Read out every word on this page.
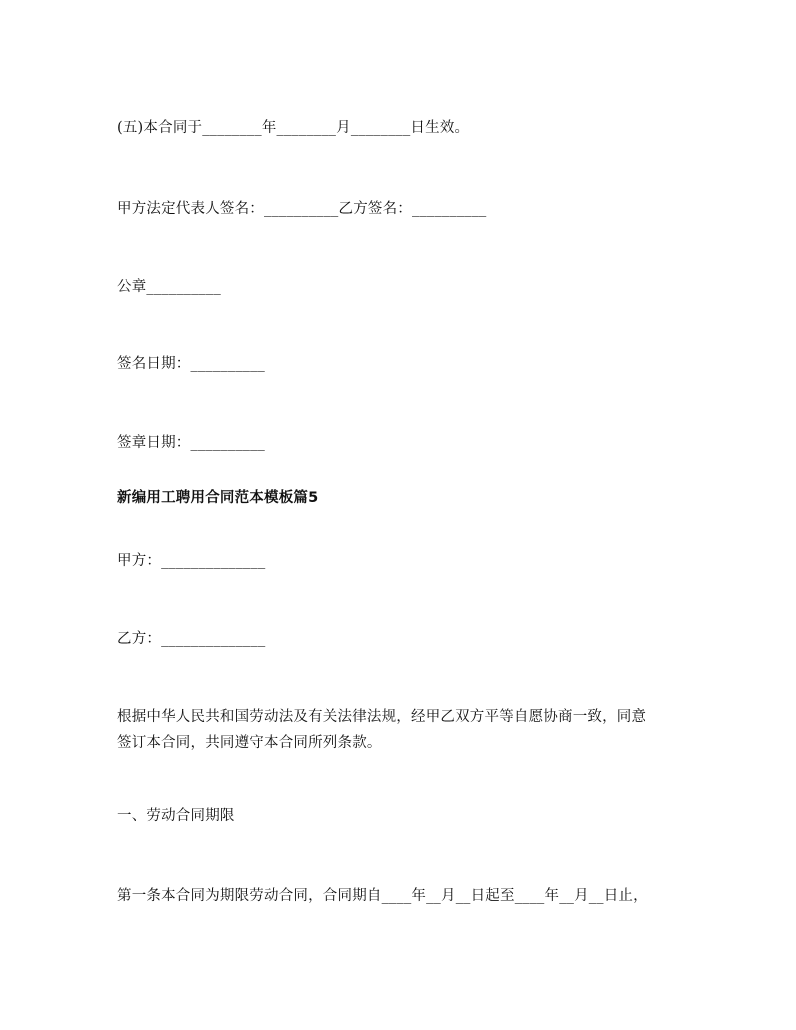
(五)本合同于________年________月________日生效。
甲方法定代表人签名：__________乙方签名：__________
公章__________
签名日期：__________
签章日期：__________
新编用工聘用合同范本模板篇5
甲方：______________
乙方：______________
根据中华人民共和国劳动法及有关法律法规，经甲乙双方平等自愿协商一致，同意
签订本合同，共同遵守本合同所列条款。
一、劳动合同期限
第一条本合同为期限劳动合同，合同期自____年__月__日起至____年__月__日止，
